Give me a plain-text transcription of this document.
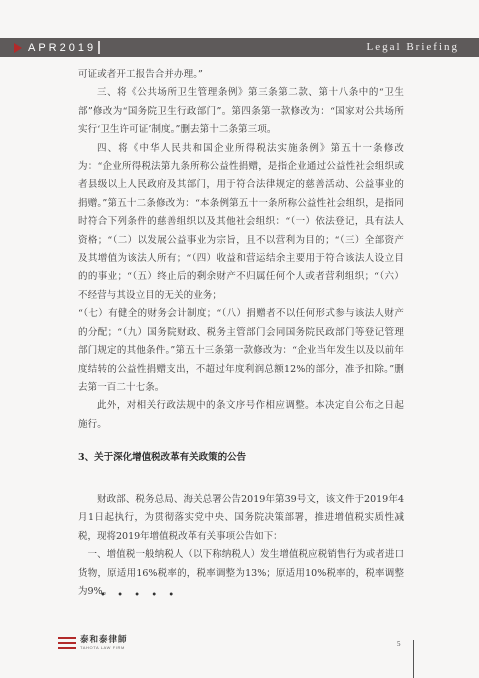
APR2019	Legal Briefing

可证或者开工报告合并办理。”

三、将《公共场所卫生管理条例》第三条第二款、第十八条中的“卫生部”修改为“国务院卫生行政部门”。第四条第一款修改为：“国家对公共场所实行‘卫生许可证’制度。”删去第十二条第三项。

四、将《中华人民共和国企业所得税法实施条例》第五十一条修改为：“企业所得税法第九条所称公益性捐赠，是指企业通过公益性社会组织或者县级以上人民政府及其部门，用于符合法律规定的慈善活动、公益事业的捐赠。”第五十二条修改为：“本条例第五十一条所称公益性社会组织，是指同时符合下列条件的慈善组织以及其他社会组织：“（一）依法登记，具有法人资格；“（二）以发展公益事业为宗旨，且不以营利为目的；“（三）全部资产及其增值为该法人所有；“（四）收益和营运结余主要用于符合该法人设立目的的事业；“（五）终止后的剩余财产不归属任何个人或者营利组织；“（六）不经营与其设立目的无关的业务；

“（七）有健全的财务会计制度；“（八）捐赠者不以任何形式参与该法人财产的分配；“（九）国务院财政、税务主管部门会同国务院民政部门等登记管理部门规定的其他条件。”第五十三条第一款修改为：“企业当年发生以及以前年度结转的公益性捐赠支出，不超过年度利润总额12%的部分，准予扣除。”删去第一百二十七条。

此外，对相关行政法规中的条文序号作相应调整。本决定自公布之日起施行。

3、关于深化增值税改革有关政策的公告

财政部、税务总局、海关总署公告2019年第39号文，该文件于2019年4月1日起执行，为贯彻落实党中央、国务院决策部署，推进增值税实质性减税，现将2019年增值税改革有关事项公告如下：

一、增值税一般纳税人（以下称纳税人）发生增值税应税销售行为或者进口货物，原适用16%税率的，税率调整为13%；原适用10%税率的，税率调整为9%。

• • • • •
泰和泰律師
TAHOTA LAW FIRM	5
